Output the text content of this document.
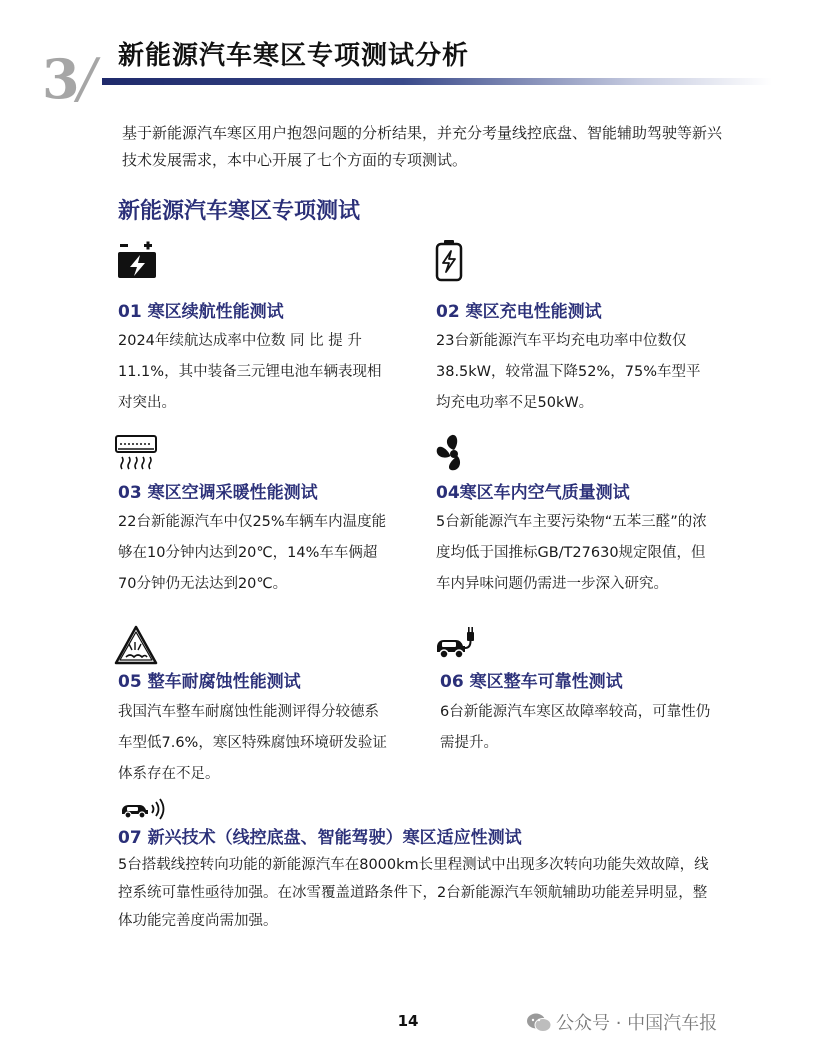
3
/ 新能源汽车寒区专项测试分析
基于新能源汽车寒区用户抱怨问题的分析结果，并充分考量线控底盘、智能辅助驾驶等新兴技术发展需求，本中心开展了七个方面的专项测试。
新能源汽车寒区专项测试
01 寒区续航性能测试
2024年续航达成率中位数 同 比 提 升11.1%，其中装备三元锂电池车辆表现相对突出。
02 寒区充电性能测试
23台新能源汽车平均充电功率中位数仅38.5kW，较常温下降52%，75%车型平均充电功率不足50kW。
03 寒区空调采暖性能测试
22台新能源汽车中仅25%车辆车内温度能够在10分钟内达到20℃，14%车车俩超70分钟仍无法达到20℃。
04寒区车内空气质量测试
5台新能源汽车主要污染物“五苯三醛”的浓度均低于国推标GB/T27630规定限值，但车内异味问题仍需进一步深入研究。
05 整车耐腐蚀性能测试
我国汽车整车耐腐蚀性能测评得分较德系车型低7.6%，寒区特殊腐蚀环境研发验证体系存在不足。
06 寒区整车可靠性测试
6台新能源汽车寒区故障率较高，可靠性仍需提升。
07 新兴技术（线控底盘、智能驾驶）寒区适应性测试
5台搭载线控转向功能的新能源汽车在8000km长里程测试中出现多次转向功能失效故障，线控系统可靠性亟待加强。在冰雪覆盖道路条件下，2台新能源汽车领航辅助功能差异明显，整体功能完善度尚需加强。
14	公众号 · 中国汽车报
